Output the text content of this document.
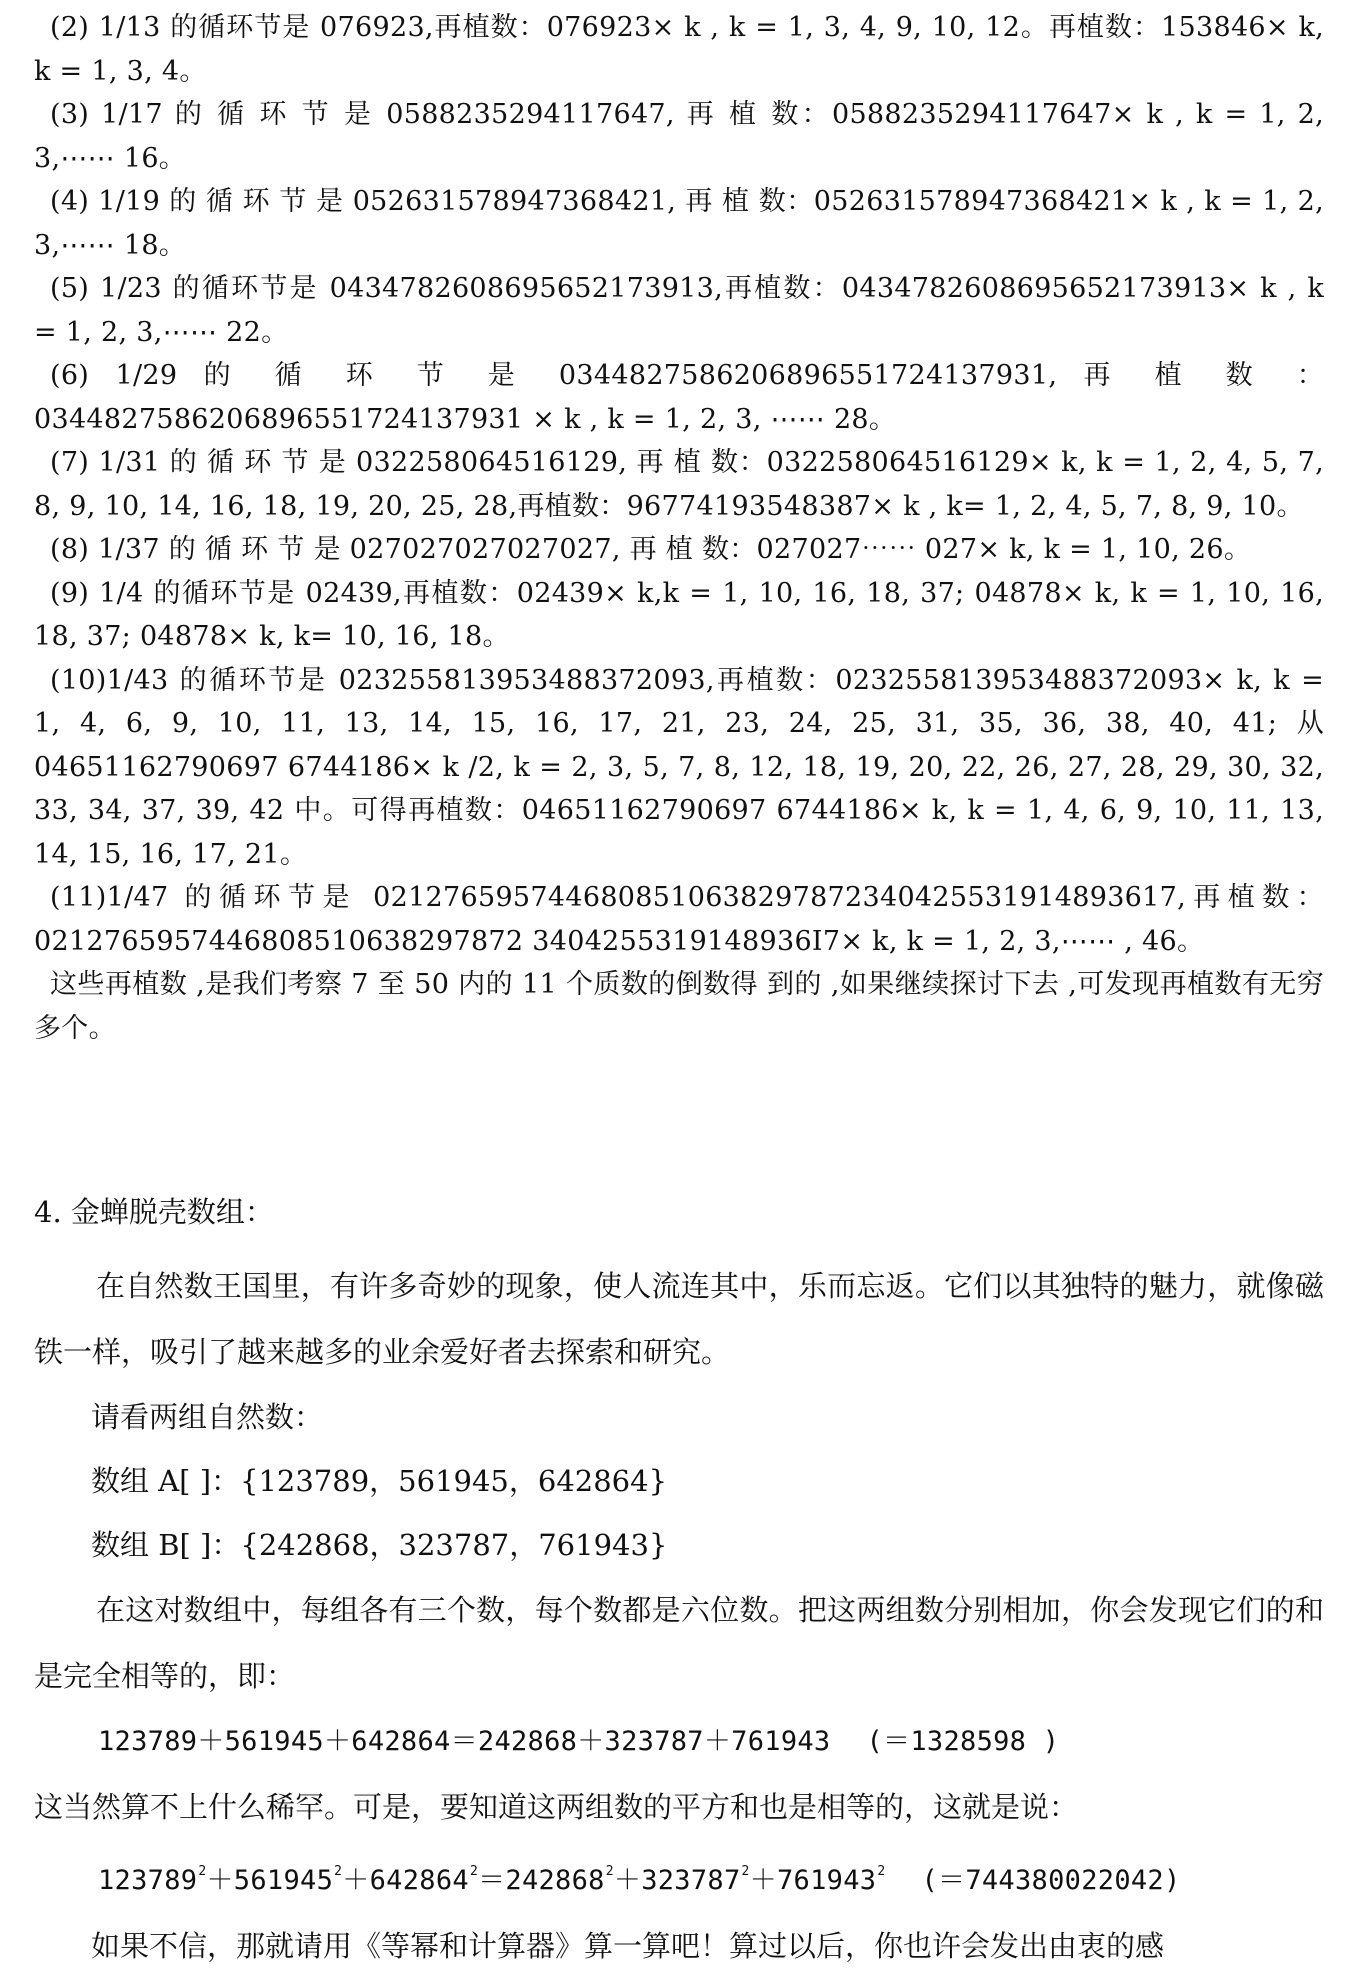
(2) 1/13 的循环节是 076923,再植数：076923× k , k = 1, 3, 4, 9, 10, 12。再植数：153846× k, k = 1, 3, 4。

(3) 1/17 的 循 环 节 是 0588235294117647, 再 植 数：0588235294117647× k , k = 1, 2, 3,⋯⋯ 16。

(4) 1/19 的 循 环 节 是 052631578947368421, 再 植 数：052631578947368421× k , k = 1, 2, 3,⋯⋯ 18。

(5) 1/23 的循环节是 0434782608695652173913,再植数：0434782608695652173913× k , k = 1, 2, 3,⋯⋯ 22。

(6) 1/29 的 循 环 节 是 0344827586206896551724137931, 再 植 数 ：0344827586206896551724137931 × k , k = 1, 2, 3, ⋯⋯ 28。

(7) 1/31 的 循 环 节 是 032258064516129, 再 植 数：032258064516129× k, k = 1, 2, 4, 5, 7, 8, 9, 10, 14, 16, 18, 19, 20, 25, 28,再植数：96774193548387× k , k= 1, 2, 4, 5, 7, 8, 9, 10。

(8) 1/37 的 循 环 节 是 027027027027027, 再 植 数：027027⋯⋯ 027× k, k = 1, 10, 26。

(9) 1/4 的循环节是 02439,再植数：02439× k,k = 1, 10, 16, 18, 37; 04878× k, k = 1, 10, 16, 18, 37; 04878× k, k= 10, 16, 18。

(10)1/43 的循环节是 023255813953488372093,再植数：023255813953488372093× k, k = 1, 4, 6, 9, 10, 11, 13, 14, 15, 16, 17, 21, 23, 24, 25, 31, 35, 36, 38, 40, 41; 从 04651162790697 6744186× k /2, k = 2, 3, 5, 7, 8, 12, 18, 19, 20, 22, 26, 27, 28, 29, 30, 32, 33, 34, 37, 39, 42 中。可得再植数：04651162790697 6744186× k, k = 1, 4, 6, 9, 10, 11, 13, 14, 15, 16, 17, 21。

(11)1/47 的循环节是 0212765957446808510638297872340425531914893617,再植数：0212765957446808510638297872 3404255319148936I7× k, k = 1, 2, 3,⋯⋯ , 46。

这些再植数 ,是我们考察 7 至 50 内的 11 个质数的倒数得 到的 ,如果继续探讨下去 ,可发现再植数有无穷多个。

4. 金蝉脱壳数组：

在自然数王国里，有许多奇妙的现象，使人流连其中，乐而忘返。它们以其独特的魅力，就像磁铁一样，吸引了越来越多的业余爱好者去探索和研究。

请看两组自然数：

数组 A[ ]：{123789，561945，642864}

数组 B[ ]：{242868，323787，761943}

在这对数组中，每组各有三个数，每个数都是六位数。把这两组数分别相加，你会发现它们的和是完全相等的，即：

123789＋561945＋642864＝242868＋323787＋761943 (＝1328598 )

这当然算不上什么稀罕。可是，要知道这两组数的平方和也是相等的，这就是说：

$123789^2+561945^2+642864^2=242868^2+323787^2+761943^2$ (＝744380022042)

如果不信，那就请用《等幂和计算器》算一算吧！算过以后，你也许会发出由衷的感
